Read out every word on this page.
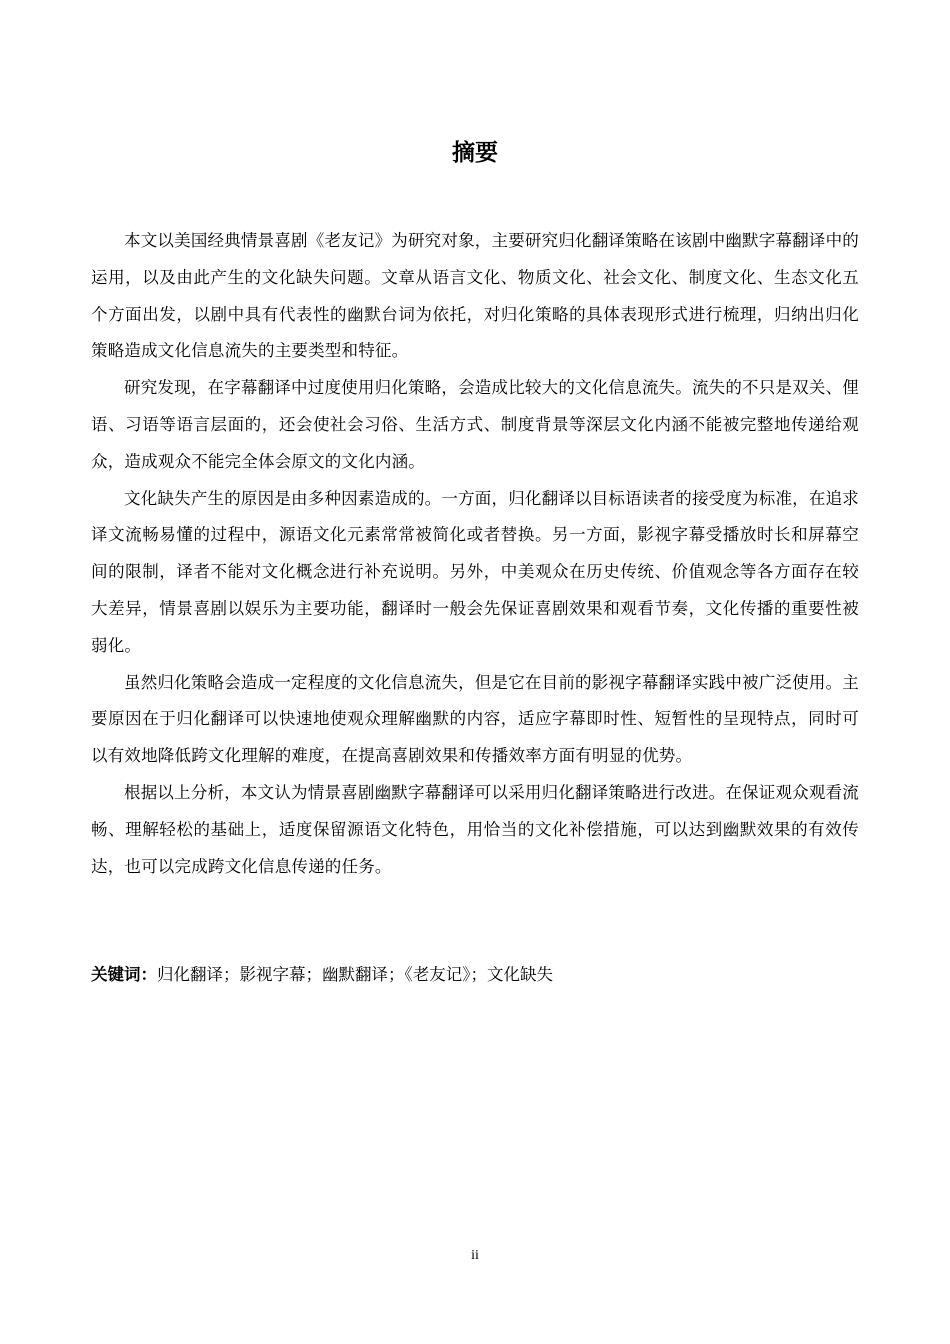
摘要

本文以美国经典情景喜剧《老友记》为研究对象，主要研究归化翻译策略在该剧中幽默字幕翻译中的运用，以及由此产生的文化缺失问题。文章从语言文化、物质文化、社会文化、制度文化、生态文化五个方面出发，以剧中具有代表性的幽默台词为依托，对归化策略的具体表现形式进行梳理，归纳出归化策略造成文化信息流失的主要类型和特征。

研究发现，在字幕翻译中过度使用归化策略，会造成比较大的文化信息流失。流失的不只是双关、俚语、习语等语言层面的，还会使社会习俗、生活方式、制度背景等深层文化内涵不能被完整地传递给观众，造成观众不能完全体会原文的文化内涵。

文化缺失产生的原因是由多种因素造成的。一方面，归化翻译以目标语读者的接受度为标准，在追求译文流畅易懂的过程中，源语文化元素常常被简化或者替换。另一方面，影视字幕受播放时长和屏幕空间的限制，译者不能对文化概念进行补充说明。另外，中美观众在历史传统、价值观念等各方面存在较大差异，情景喜剧以娱乐为主要功能，翻译时一般会先保证喜剧效果和观看节奏，文化传播的重要性被弱化。

虽然归化策略会造成一定程度的文化信息流失，但是它在目前的影视字幕翻译实践中被广泛使用。主要原因在于归化翻译可以快速地使观众理解幽默的内容，适应字幕即时性、短暂性的呈现特点，同时可以有效地降低跨文化理解的难度，在提高喜剧效果和传播效率方面有明显的优势。

根据以上分析，本文认为情景喜剧幽默字幕翻译可以采用归化翻译策略进行改进。在保证观众观看流畅、理解轻松的基础上，适度保留源语文化特色，用恰当的文化补偿措施，可以达到幽默效果的有效传达，也可以完成跨文化信息传递的任务。

关键词：归化翻译；影视字幕；幽默翻译；《老友记》；文化缺失
ii
